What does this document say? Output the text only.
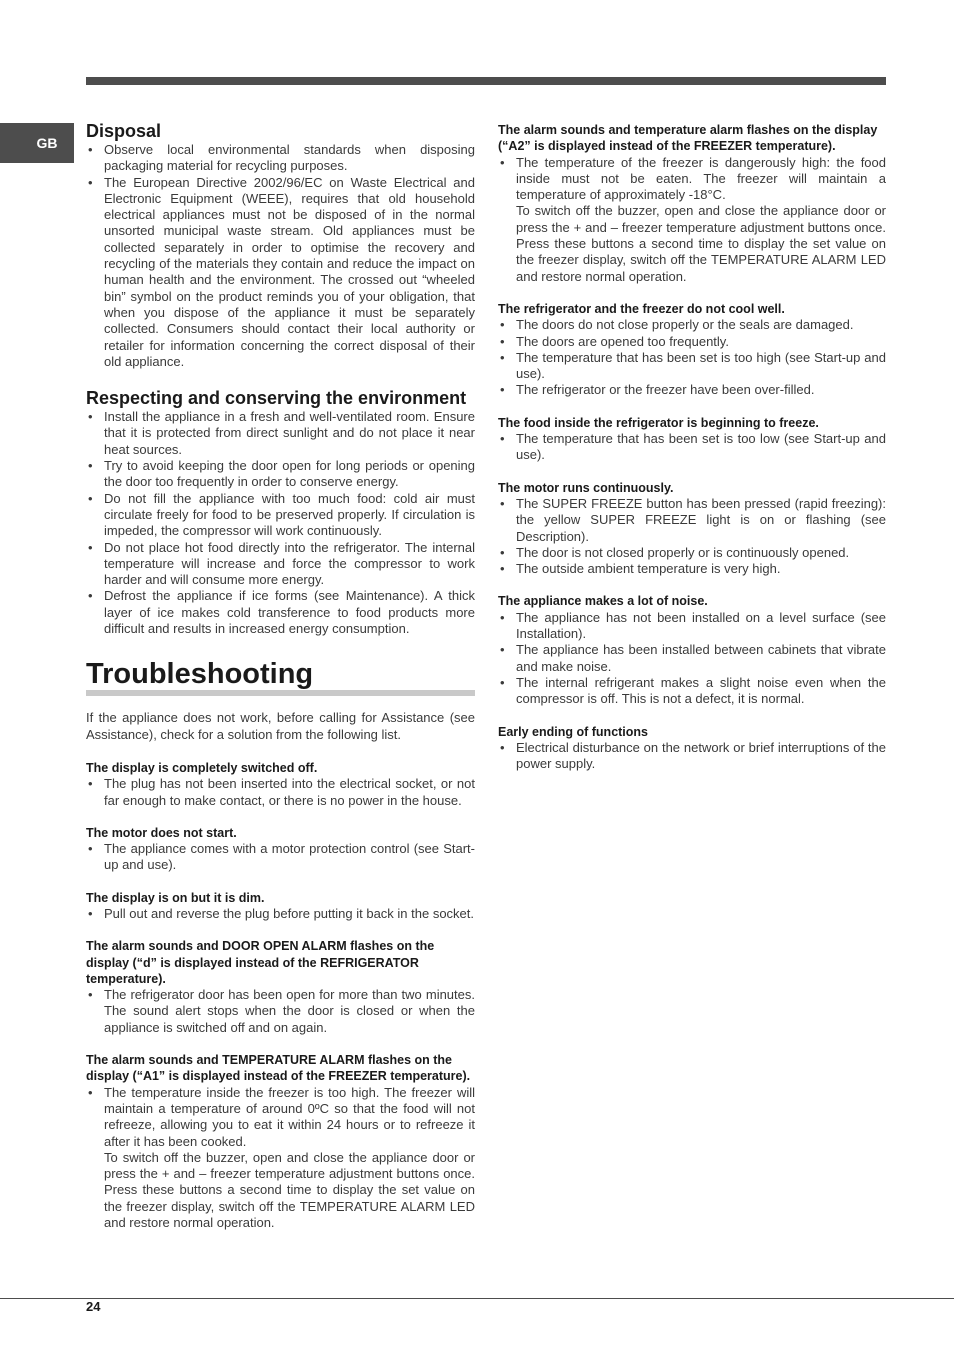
GB
Disposal
• Observe local environmental standards when disposing packaging material for recycling purposes.
• The European Directive 2002/96/EC on Waste Electrical and Electronic Equipment (WEEE), requires that old household electrical appliances must not be disposed of in the normal unsorted municipal waste stream. Old appliances must be collected separately in order to optimise the recovery and recycling of the materials they contain and reduce the impact on human health and the environment. The crossed out “wheeled bin” symbol on the product reminds you of your obligation, that when you dispose of the appliance it must be separately collected. Consumers should contact their local authority or retailer for information concerning the correct disposal of their old appliance.
Respecting and conserving the environment
• Install the appliance in a fresh and well-ventilated room. Ensure that it is protected from direct sunlight and do not place it near heat sources.
• Try to avoid keeping the door open for long periods or opening the door too frequently in order to conserve energy.
• Do not fill the appliance with too much food: cold air must circulate freely for food to be preserved properly. If circulation is impeded, the compressor will work continuously.
• Do not place hot food directly into the refrigerator. The internal temperature will increase and force the compressor to work harder and will consume more energy.
• Defrost the appliance if ice forms (see Maintenance). A thick layer of ice makes cold transference to food products more difficult and results in increased energy consumption.
Troubleshooting

If the appliance does not work, before calling for Assistance (see Assistance), check for a solution from the following list.

The display is completely switched off.

• The plug has not been inserted into the electrical socket, or not far enough to make contact, or there is no power in the house.

The motor does not start.

• The appliance comes with a motor protection control (see Start-up and use).

The display is on but it is dim.

• Pull out and reverse the plug before putting it back in the socket.

The alarm sounds and DOOR OPEN ALARM flashes on the display (“d” is displayed instead of the REFRIGERATOR temperature).

• The refrigerator door has been open for more than two minutes. The sound alert stops when the door is closed or when the appliance is switched off and on again.

The alarm sounds and TEMPERATURE ALARM flashes on the display (“A1” is displayed instead of the FREEZER temperature).

• The temperature inside the freezer is too high. The freezer will maintain a temperature of around 0ºC so that the food will not refreeze, allowing you to eat it within 24 hours or to refreeze it after it has been cooked.
To switch off the buzzer, open and close the appliance door or press the + and – freezer temperature adjustment buttons once. Press these buttons a second time to display the set value on the freezer display, switch off the TEMPERATURE ALARM LED and restore normal operation.

The alarm sounds and temperature alarm flashes on the display (“A2” is displayed instead of the FREEZER temperature).

• The temperature of the freezer is dangerously high: the food inside must not be eaten. The freezer will maintain a temperature of approximately -18°C.
To switch off the buzzer, open and close the appliance door or press the + and – freezer temperature adjustment buttons once. Press these buttons a second time to display the set value on the freezer display, switch off the TEMPERATURE ALARM LED and restore normal operation.

The refrigerator and the freezer do not cool well.

• The doors do not close properly or the seals are damaged.
• The doors are opened too frequently.
• The temperature that has been set is too high (see Start-up and use).
• The refrigerator or the freezer have been over-filled.

The food inside the refrigerator is beginning to freeze.

• The temperature that has been set is too low (see Start-up and use).

The motor runs continuously.

• The SUPER FREEZE button has been pressed (rapid freezing): the yellow SUPER FREEZE light is on or flashing (see Description).
• The door is not closed properly or is continuously opened.
• The outside ambient temperature is very high.

The appliance makes a lot of noise.

• The appliance has not been installed on a level surface (see Installation).
• The appliance has been installed between cabinets that vibrate and make noise.
• The internal refrigerant makes a slight noise even when the compressor is off. This is not a defect, it is normal.

Early ending of functions

• Electrical disturbance on the network or brief interruptions of the power supply.
24
